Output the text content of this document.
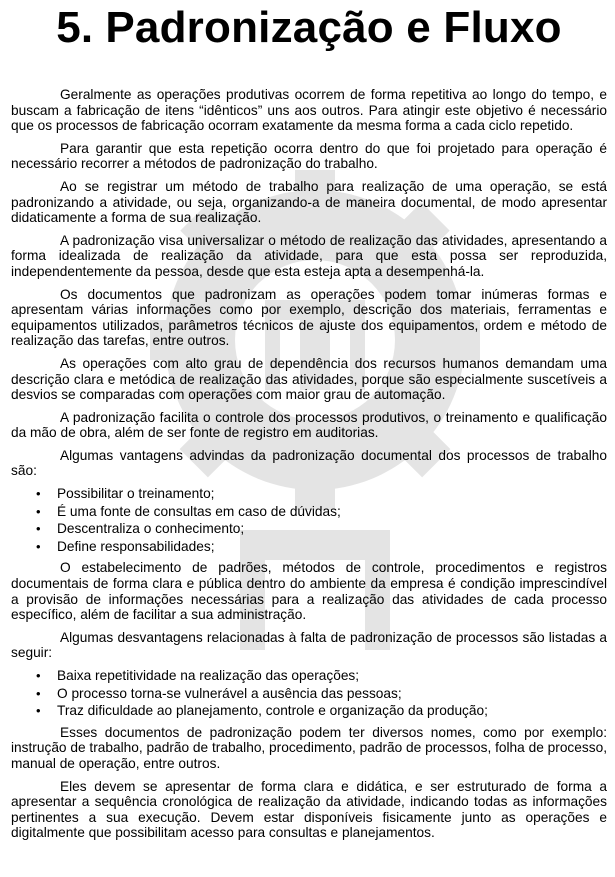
5. Padronização e Fluxo

Geralmente as operações produtivas ocorrem de forma repetitiva ao longo do tempo, e buscam a fabricação de itens “idênticos” uns aos outros. Para atingir este objetivo é necessário que os processos de fabricação ocorram exatamente da mesma forma a cada ciclo repetido.

Para garantir que esta repetição ocorra dentro do que foi projetado para operação é necessário recorrer a métodos de padronização do trabalho.

Ao se registrar um método de trabalho para realização de uma operação, se está padronizando a atividade, ou seja, organizando-a de maneira documental, de modo apresentar didaticamente a forma de sua realização.

A padronização visa universalizar o método de realização das atividades, apresentando a forma idealizada de realização da atividade, para que esta possa ser reproduzida, independentemente da pessoa, desde que esta esteja apta a desempenhá-la.

Os documentos que padronizam as operações podem tomar inúmeras formas e apresentam várias informações como por exemplo, descrição dos materiais, ferramentas e equipamentos utilizados, parâmetros técnicos de ajuste dos equipamentos, ordem e método de realização das tarefas, entre outros.

As operações com alto grau de dependência dos recursos humanos demandam uma descrição clara e metódica de realização das atividades, porque são especialmente suscetíveis a desvios se comparadas com operações com maior grau de automação.

A padronização facilita o controle dos processos produtivos, o treinamento e qualificação da mão de obra, além de ser fonte de registro em auditorias.

Algumas vantagens advindas da padronização documental dos processos de trabalho são:

• Possibilitar o treinamento;
• É uma fonte de consultas em caso de dúvidas;
• Descentraliza o conhecimento;
• Define responsabilidades;

O estabelecimento de padrões, métodos de controle, procedimentos e registros documentais de forma clara e pública dentro do ambiente da empresa é condição imprescindível a provisão de informações necessárias para a realização das atividades de cada processo específico, além de facilitar a sua administração.

Algumas desvantagens relacionadas à falta de padronização de processos são listadas a seguir:

• Baixa repetitividade na realização das operações;
• O processo torna-se vulnerável a ausência das pessoas;
• Traz dificuldade ao planejamento, controle e organização da produção;

Esses documentos de padronização podem ter diversos nomes, como por exemplo: instrução de trabalho, padrão de trabalho, procedimento, padrão de processos, folha de processo, manual de operação, entre outros.

Eles devem se apresentar de forma clara e didática, e ser estruturado de forma a apresentar a sequência cronológica de realização da atividade, indicando todas as informações pertinentes a sua execução. Devem estar disponíveis fisicamente junto as operações e digitalmente que possibilitam acesso para consultas e planejamentos.
